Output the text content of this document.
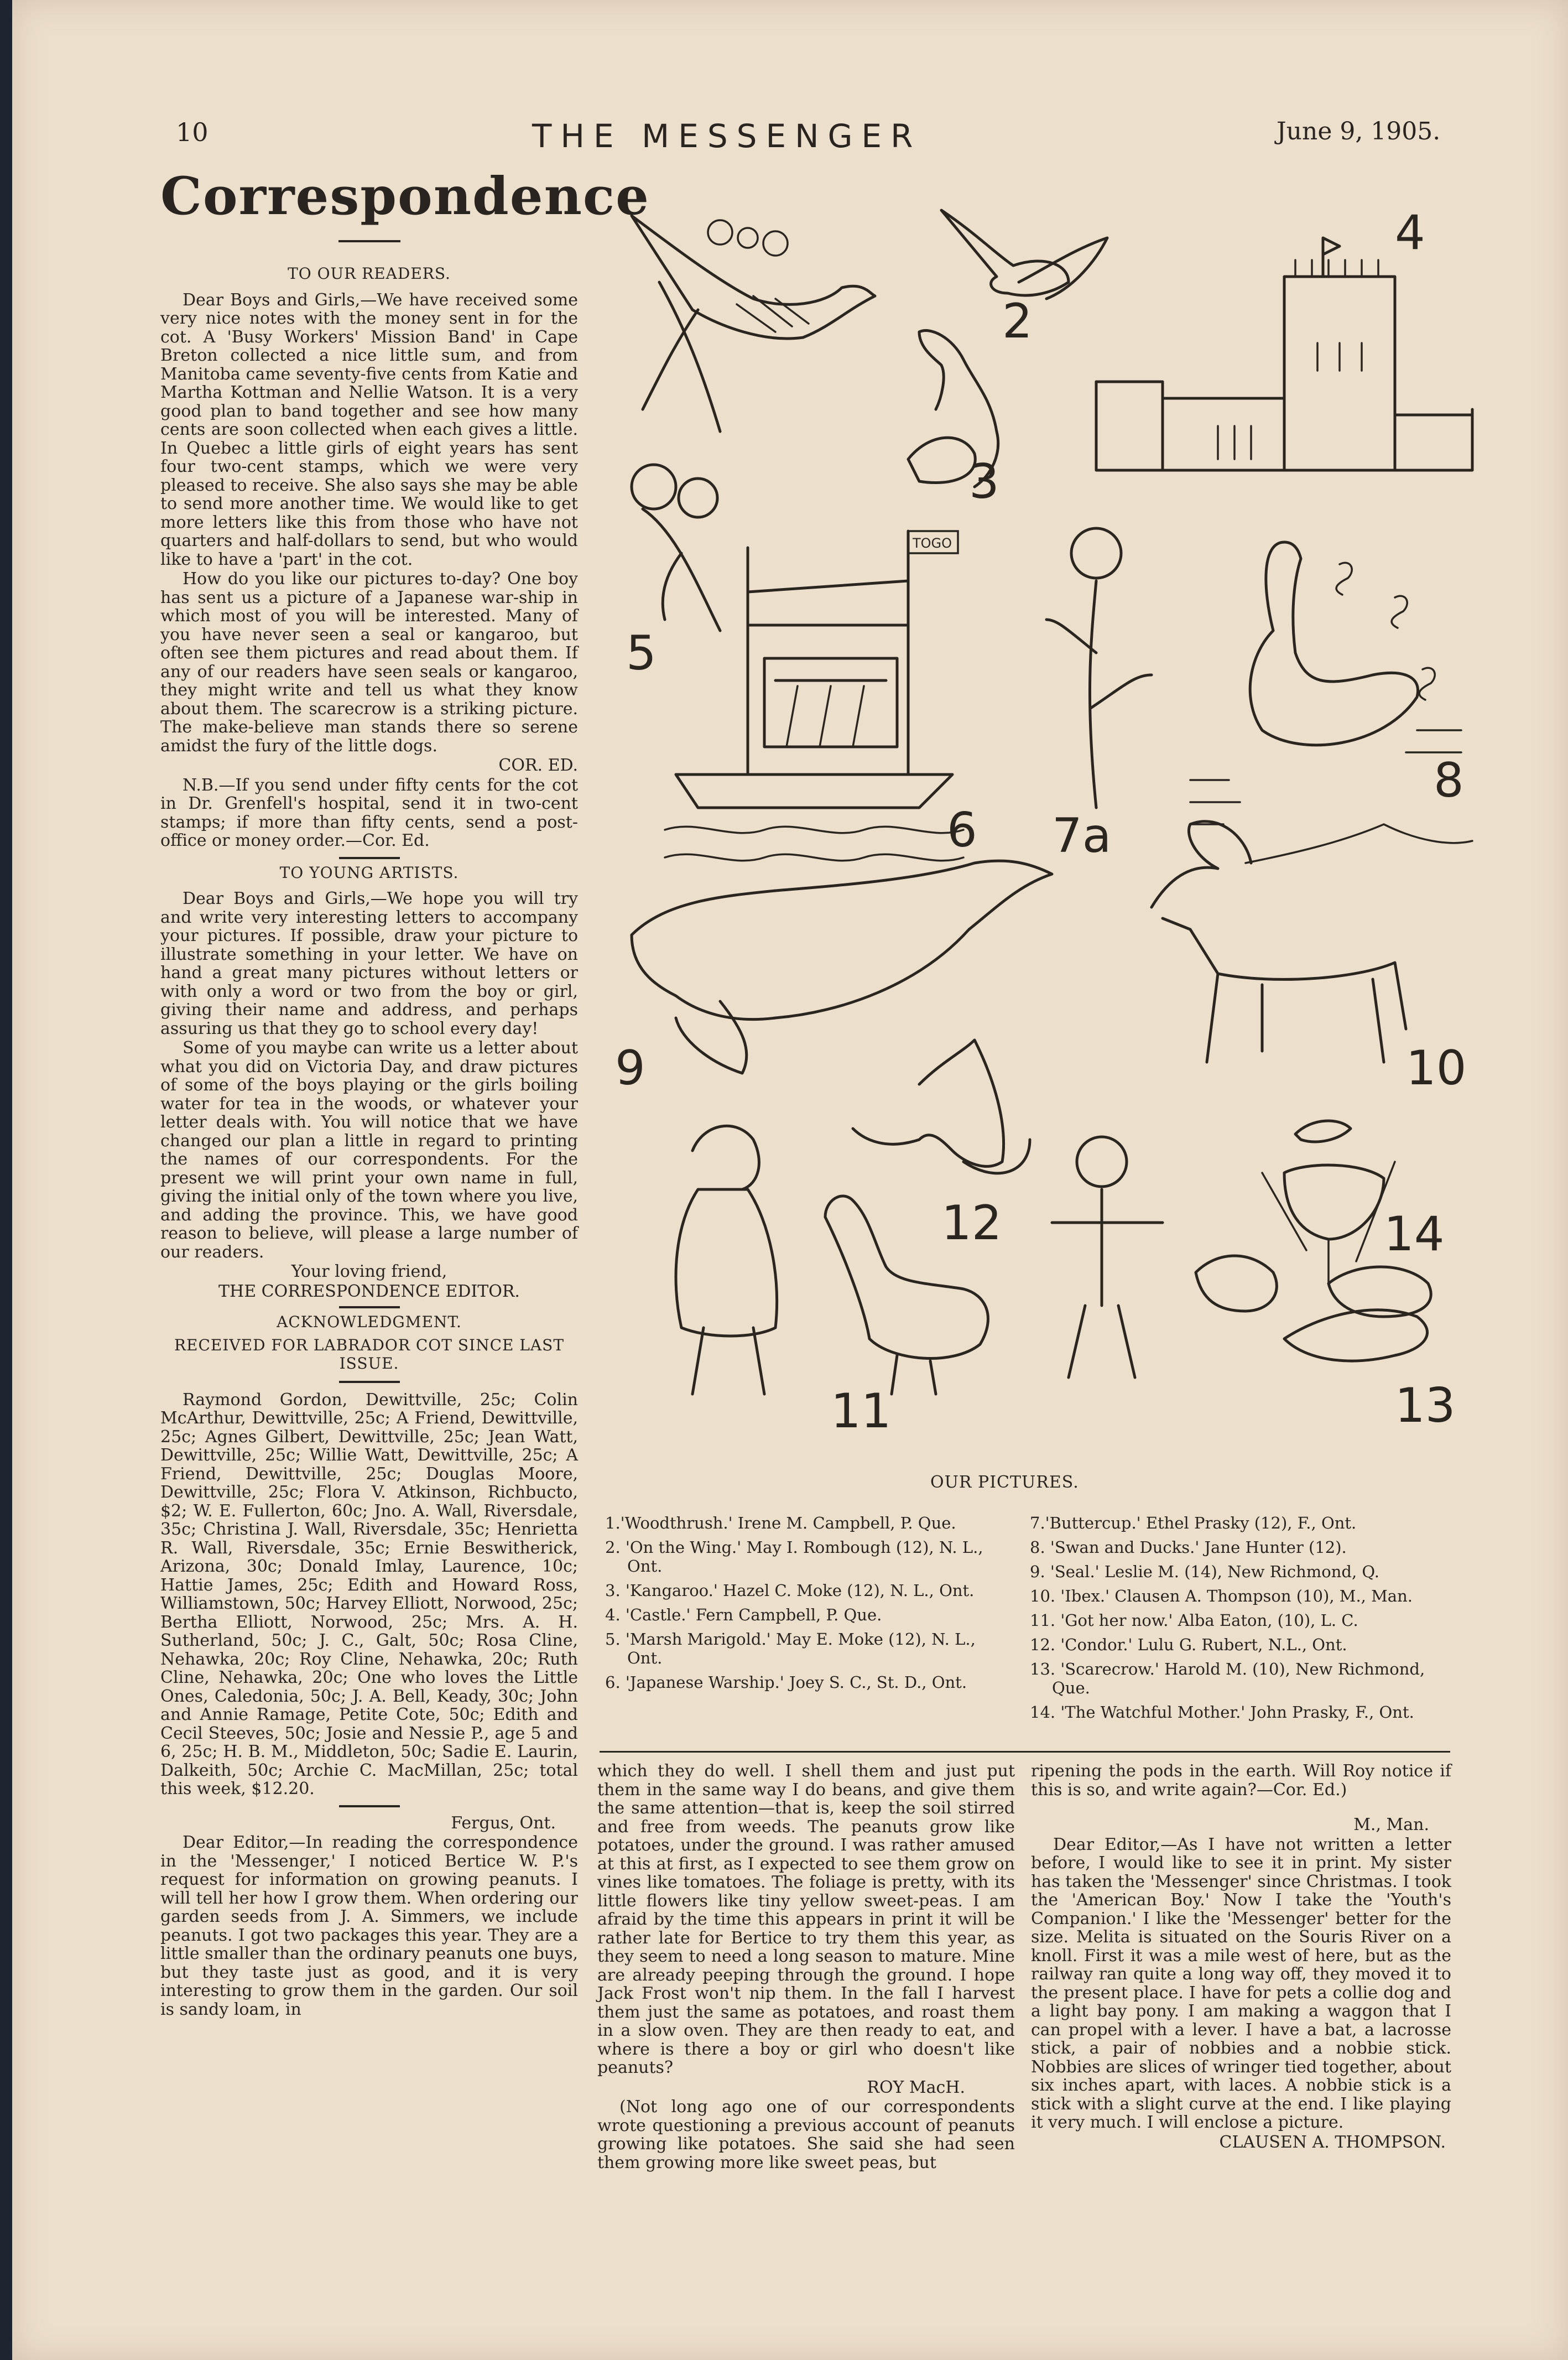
10	THE MESSENGER	June 9, 1905.
Correspondence
TO OUR READERS.

Dear Boys and Girls,—We have received some very nice notes with the money sent in for the cot. A 'Busy Workers' Mission Band' in Cape Breton collected a nice little sum, and from Manitoba came seventy-five cents from Katie and Martha Kottman and Nellie Watson. It is a very good plan to band together and see how many cents are soon collected when each gives a little. In Quebec a little girls of eight years has sent four two-cent stamps, which we were very pleased to receive. She also says she may be able to send more another time. We would like to get more letters like this from those who have not quarters and half-dollars to send, but who would like to have a 'part' in the cot.

How do you like our pictures to-day? One boy has sent us a picture of a Japanese war-ship in which most of you will be interested. Many of you have never seen a seal or kangaroo, but often see them pictures and read about them. If any of our readers have seen seals or kangaroo, they might write and tell us what they know about them. The scarecrow is a striking picture. The make-believe man stands there so serene amidst the fury of the little dogs.

COR. ED.

N.B.—If you send under fifty cents for the cot in Dr. Grenfell's hospital, send it in two-cent stamps; if more than fifty cents, send a post-office or money order.—Cor. Ed.

TO YOUNG ARTISTS.

Dear Boys and Girls,—We hope you will try and write very interesting letters to accompany your pictures. If possible, draw your picture to illustrate something in your letter. We have on hand a great many pictures without letters or with only a word or two from the boy or girl, giving their name and address, and perhaps assuring us that they go to school every day!

Some of you maybe can write us a letter about what you did on Victoria Day, and draw pictures of some of the boys playing or the girls boiling water for tea in the woods, or whatever your letter deals with. You will notice that we have changed our plan a little in regard to printing the names of our correspondents. For the present we will print your own name in full, giving the initial only of the town where you live, and adding the province. This, we have good reason to believe, will please a large number of our readers.

Your loving friend,

THE CORRESPONDENCE EDITOR.

ACKNOWLEDGMENT.
RECEIVED FOR LABRADOR COT SINCE LAST ISSUE.

Raymond Gordon, Dewittville, 25c; Colin McArthur, Dewittville, 25c; A Friend, Dewittville, 25c; Agnes Gilbert, Dewittville, 25c; Jean Watt, Dewittville, 25c; Willie Watt, Dewittville, 25c; A Friend, Dewittville, 25c; Douglas Moore, Dewittville, 25c; Flora V. Atkinson, Richbucto, $2; W. E. Fullerton, 60c; Jno. A. Wall, Riversdale, 35c; Christina J. Wall, Riversdale, 35c; Henrietta R. Wall, Riversdale, 35c; Ernie Beswitherick, Arizona, 30c; Donald Imlay, Laurence, 10c; Hattie James, 25c; Edith and Howard Ross, Williamstown, 50c; Harvey Elliott, Norwood, 25c; Bertha Elliott, Norwood, 25c; Mrs. A. H. Sutherland, 50c; J. C., Galt, 50c; Rosa Cline, Nehawka, 20c; Roy Cline, Nehawka, 20c; Ruth Cline, Nehawka, 20c; One who loves the Little Ones, Caledonia, 50c; J. A. Bell, Keady, 30c; John and Annie Ramage, Petite Cote, 50c; Edith and Cecil Steeves, 50c; Josie and Nessie P., age 5 and 6, 25c; H. B. M., Middleton, 50c; Sadie E. Laurin, Dalkeith, 50c; Archie C. MacMillan, 25c; total this week, $12.20.

Fergus, Ont.

Dear Editor,—In reading the correspondence in the 'Messenger,' I noticed Bertice W. P.'s request for information on growing peanuts. I will tell her how I grow them. When ordering our garden seeds from J. A. Simmers, we include peanuts. I got two packages this year. They are a little smaller than the ordinary peanuts one buys, but they taste just as good, and it is very interesting to grow them in the garden. Our soil is sandy loam, in

2
3
4
5
TOGO
6 7a
8
9	10
11
12
13
14
OUR PICTURES.
1.'Woodthrush.' Irene M. Campbell, P. Que.
2. 'On the Wing.' May I. Rombough (12), N. L., Ont.
3. 'Kangaroo.' Hazel C. Moke (12), N. L., Ont.
4. 'Castle.' Fern Campbell, P. Que.
5. 'Marsh Marigold.' May E. Moke (12), N. L., Ont.
6. 'Japanese Warship.' Joey S. C., St. D., Ont.
7.'Buttercup.' Ethel Prasky (12), F., Ont.
8. 'Swan and Ducks.' Jane Hunter (12).
9. 'Seal.' Leslie M. (14), New Richmond, Q.
10. 'Ibex.' Clausen A. Thompson (10), M., Man.
11. 'Got her now.' Alba Eaton, (10), L. C.
12. 'Condor.' Lulu G. Rubert, N.L., Ont.
13. 'Scarecrow.' Harold M. (10), New Richmond, Que.
14. 'The Watchful Mother.' John Prasky, F., Ont.

which they do well. I shell them and just put them in the same way I do beans, and give them the same attention—that is, keep the soil stirred and free from weeds. The peanuts grow like potatoes, under the ground. I was rather amused at this at first, as I expected to see them grow on vines like tomatoes. The foliage is pretty, with its little flowers like tiny yellow sweet-peas. I am afraid by the time this appears in print it will be rather late for Bertice to try them this year, as they seem to need a long season to mature. Mine are already peeping through the ground. I hope Jack Frost won't nip them. In the fall I harvest them just the same as potatoes, and roast them in a slow oven. They are then ready to eat, and where is there a boy or girl who doesn't like peanuts?

ROY MacH.

(Not long ago one of our correspondents wrote questioning a previous account of peanuts growing like potatoes. She said she had seen them growing more like sweet peas, but

ripening the pods in the earth. Will Roy notice if this is so, and write again?—Cor. Ed.)

M., Man.

Dear Editor,—As I have not written a letter before, I would like to see it in print. My sister has taken the 'Messenger' since Christmas. I took the 'American Boy.' Now I take the 'Youth's Companion.' I like the 'Messenger' better for the size. Melita is situated on the Souris River on a knoll. First it was a mile west of here, but as the railway ran quite a long way off, they moved it to the present place. I have for pets a collie dog and a light bay pony. I am making a waggon that I can propel with a lever. I have a bat, a lacrosse stick, a pair of nobbies and a nobbie stick. Nobbies are slices of wringer tied together, about six inches apart, with laces. A nobbie stick is a stick with a slight curve at the end. I like playing it very much. I will enclose a picture.

CLAUSEN A. THOMPSON.
